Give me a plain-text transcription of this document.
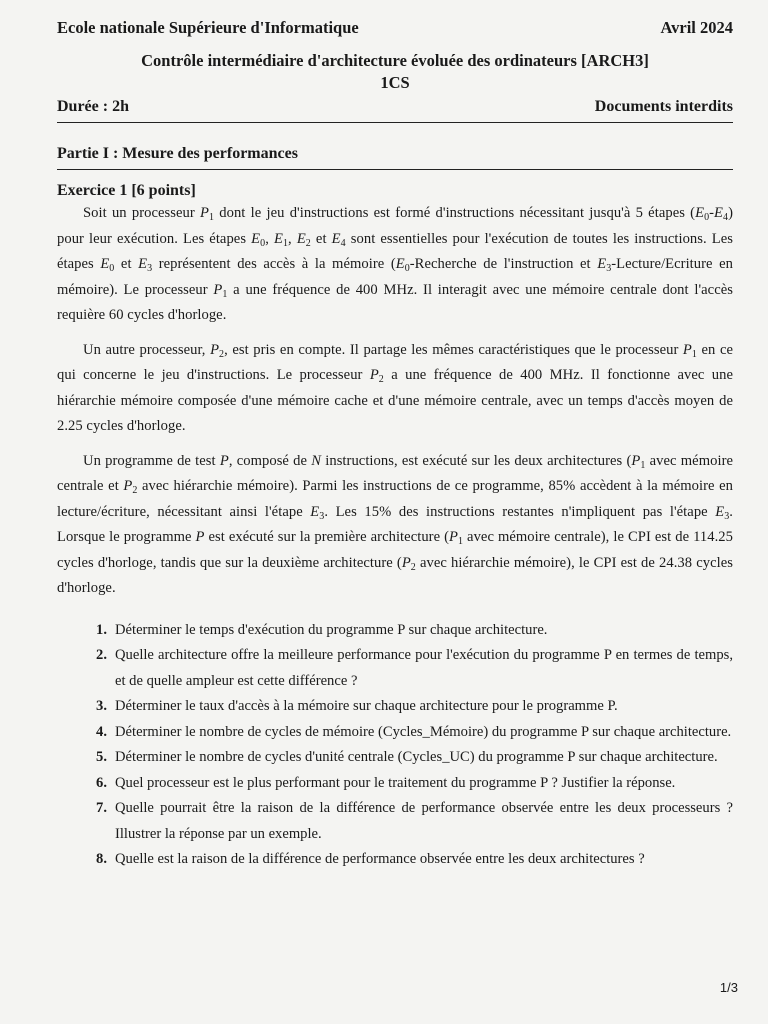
Ecole nationale Supérieure d'Informatique	Avril 2024
Contrôle intermédiaire d'architecture évoluée des ordinateurs [ARCH3]
1CS
Durée : 2h	Documents interdits
Partie I : Mesure des performances
Exercice 1 [6 points]

Soit un processeur $P_1$ dont le jeu d'instructions est formé d'instructions nécessitant jusqu'à 5 étapes $(E_0-E_4)$ pour leur exécution. Les étapes $E_0$, $E_1$, $E_2$ et $E_4$ sont essentielles pour l'exécution de toutes les instructions. Les étapes $E_0$ et $E_3$ représentent des accès à la mémoire ($E_0$-Recherche de l'instruction et $E_3-Lecture$/Ecriture en mémoire). Le processeur $P_1$ a une fréquence de 400 MHz. Il interagit avec une mémoire centrale dont l'accès requière 60 cycles d'horloge.

Un autre processeur, $P_2$, est pris en compte. Il partage les mêmes caractéristiques que le processeur $P_1$ en ce qui concerne le jeu d'instructions. Le processeur $P_2$ a une fréquence de 400 MHz. Il fonctionne avec une hiérarchie mémoire composée d'une mémoire cache et d'une mémoire centrale, avec un temps d'accès moyen de 2.25 cycles d'horloge.

Un programme de test P, composé de N instructions, est exécuté sur les deux architectures ($P_1$ avec mémoire centrale et $P_2$ avec hiérarchie mémoire). Parmi les instructions de ce programme, 85% accèdent à la mémoire en lecture/écriture, nécessitant ainsi l'étape $E_3$. Les 15% des instructions restantes n'impliquent pas l'étape $E_3$. Lorsque le programme P est exécuté sur la première architecture ($P_1$ avec mémoire centrale), le CPI est de 114.25 cycles d'horloge, tandis que sur la deuxième architecture ($P_2$ avec hiérarchie mémoire), le CPI est de 24.38 cycles d'horloge.

1. Déterminer le temps d'exécution du programme P sur chaque architecture.
2. Quelle architecture offre la meilleure performance pour l'exécution du programme P en termes de temps, et de quelle ampleur est cette différence ?
3. Déterminer le taux d'accès à la mémoire sur chaque architecture pour le programme P.
4. Déterminer le nombre de cycles de mémoire (Cycles_Mémoire) du programme P sur chaque architecture.
5. Déterminer le nombre de cycles d'unité centrale (Cycles_UC) du programme P sur chaque architecture.
6. Quel processeur est le plus performant pour le traitement du programme P ? Justifier la réponse.
7. Quelle pourrait être la raison de la différence de performance observée entre les deux processeurs ? Illustrer la réponse par un exemple.
8. Quelle est la raison de la différence de performance observée entre les deux architectures ?
1/3
